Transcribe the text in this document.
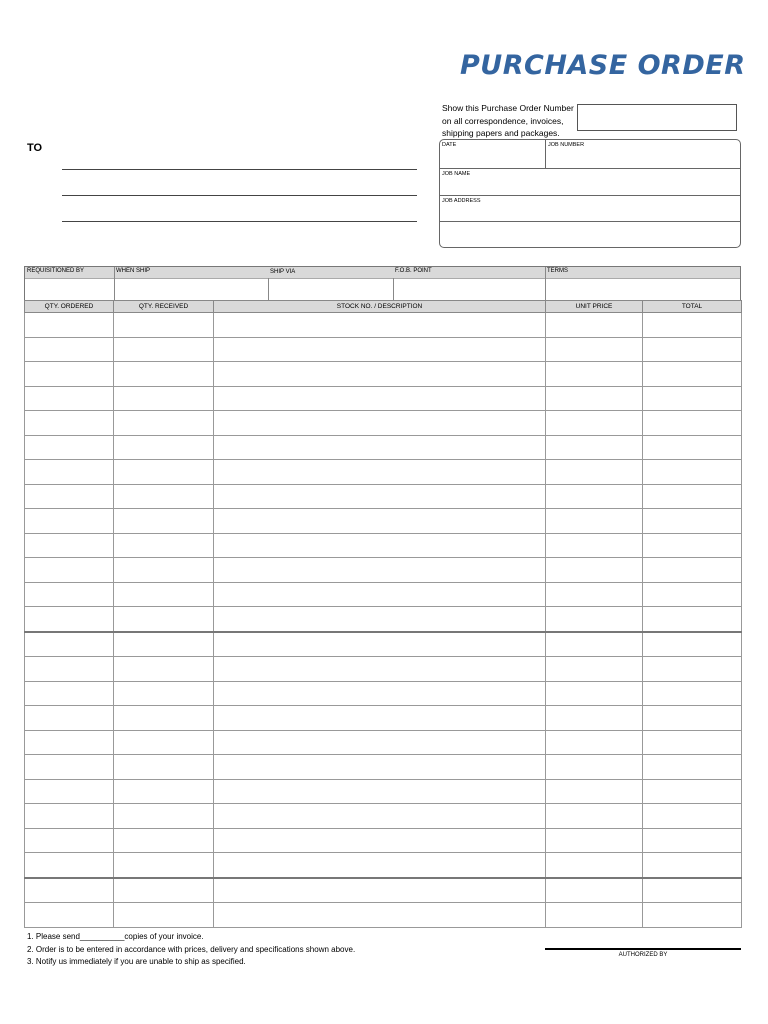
PURCHASE ORDER
Show this Purchase Order Number
on all correspondence, invoices,
shipping papers and packages.
DATE	JOB NUMBER
JOB NAME
JOB ADDRESS
TO
REQUISITIONED BY	WHEN SHIP	SHIP VIA	F.O.B. POINT	TERMS
QTY. ORDERED	QTY. RECEIVED	STOCK NO. / DESCRIPTION	UNIT PRICE	TOTAL

1. Please send__________copies of your invoice.
2. Order is to be entered in accordance with prices, delivery and specifications shown above.
3. Notify us immediately if you are unable to ship as specified.
AUTHORIZED BY
